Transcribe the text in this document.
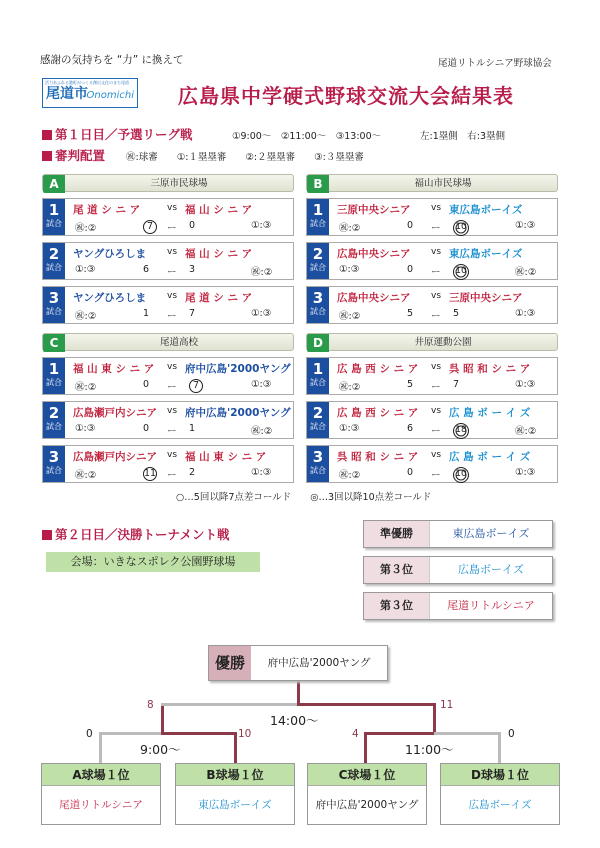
感謝の気持ちを “力” に換えて	尾道リトルシニア野球協会
活力あふれる港町がつくる創出文化のまち尾道
尾道市
Onomichi 広島県中学硬式野球交流大会結果表
第１日目／予選リーグ戦	①9:00～　②11:00～　③13:00～	左:1塁側　右:3塁側
審判配置 ㊗:球審　　①:１塁塁審　　②:２塁塁審　　③:３塁塁審
A	三原市民球場
1
試合
尾 道 シ ニ ア	vs 福 山 シ ニ ア
㊗:②	7	ー 0	①:③
2
試合
ヤングひろしま vs 福 山 シ ニ ア
①:③	6 ー 3	㊗:②
3
試合
ヤングひろしま vs 尾 道 シ ニ ア
㊗:②	1 ー 7	①:③
B	福山市民球場
1
試合
三原中央シニア vs 東広島ボーイズ
㊗:②	0 ー 10	①:③
2
試合
広島中央シニア vs 東広島ボーイズ
①:③	0 ー 10	㊗:②
3
試合
広島中央シニア vs 三原中央シニア
㊗:②	5 ー 5	①:③
C	尾道高校
1
試合
福 山 東 シ ニ ア vs 府中広島'2000ヤング
㊗:②	0 ー	7	①:③
2
試合
広島瀬戸内シニア vs 府中広島'2000ヤング
①:③	0 ー 1	㊗:②
3
試合
広島瀬戸内シニア vs 福 山 東 シ ニ ア
㊗:②	11 ー 2	①:③
D	井原運動公園
1
試合
広 島 西 シ ニ ア vs 呉 昭 和 シ ニ ア
㊗:②	5 ー 7	①:③
2
試合
広 島 西 シ ニ ア vs 広 島 ボ ー イ ズ
①:③	6 ー 18	㊗:②
3
試合
呉 昭 和 シ ニ ア vs 広 島 ボ ー イ ズ
㊗:②	0 ー 10	①:③
○…5回以降7点差コールド　　◎…3回以降10点差コールド
第２日目／決勝トーナメント戦
会場：いきなスポレク公園野球場
準優勝	東広島ボーイズ
第３位	広島ボーイズ
第３位	尾道リトルシニア
8	11
14:00～
0	10
9:00～
4	0
11:00～
優勝	府中広島'2000ヤング
A球場１位
尾道リトルシニア
B球場１位
東広島ボーイズ
C球場１位
府中広島'2000ヤング
D球場１位
広島ボーイズ
